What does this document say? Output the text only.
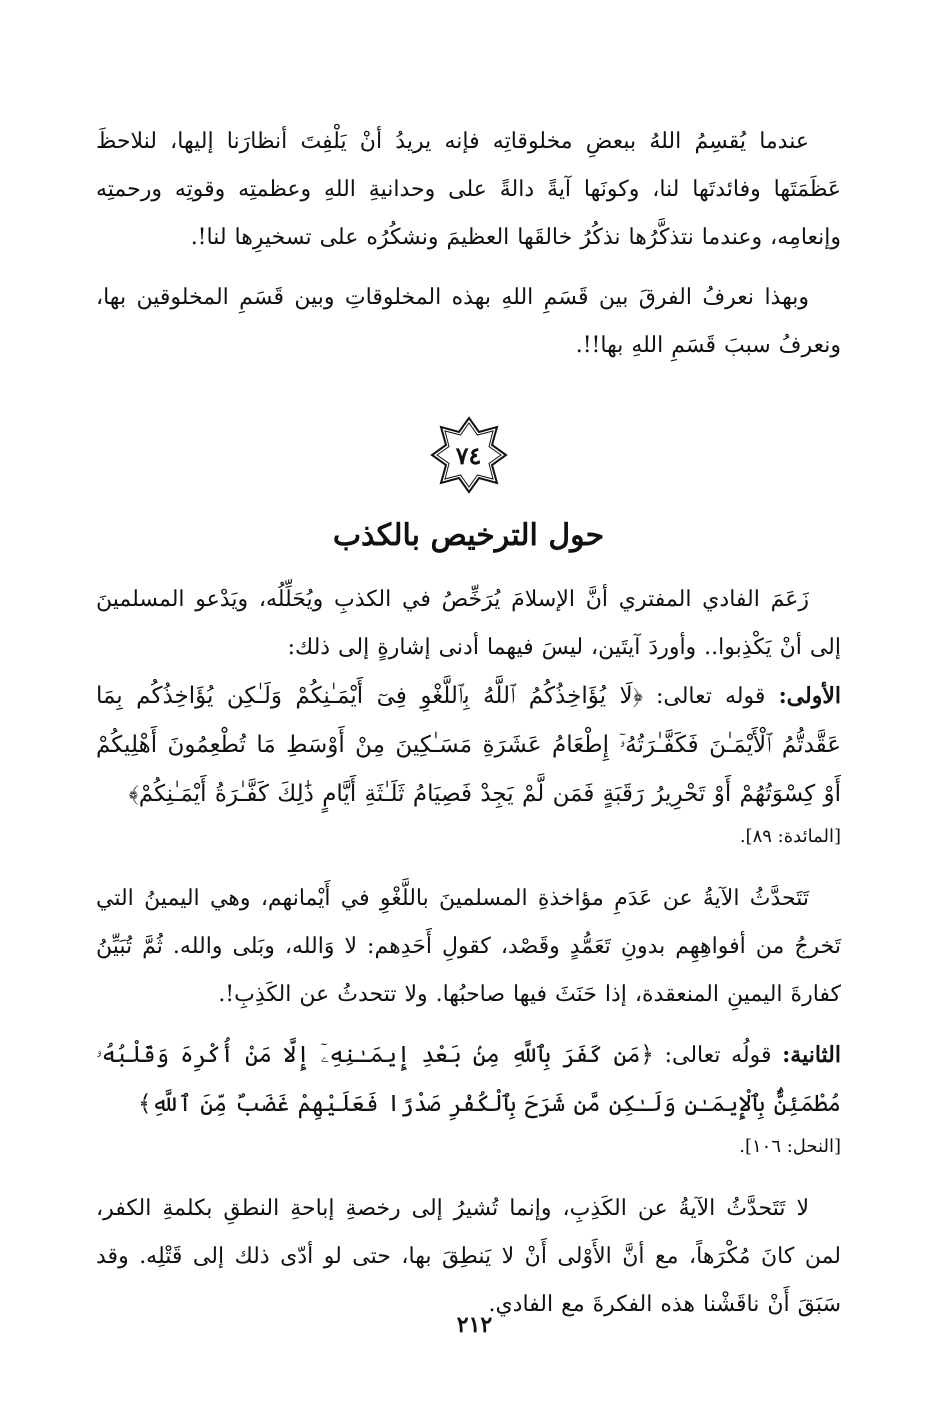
عندما يُقسِمُ اللهُ ببعضِ مخلوقاتِه فإنه يريدُ أنْ يَلْفِتَ أنظارَنا إليها، لنلاحظَ عَظَمَتَها وفائدتَها لنا، وكونَها آيةً دالةً على وحدانيةِ اللهِ وعظمتِه وقوتِه ورحمتِه وإنعامِه، وعندما نتذكَّرُها نذكُرُ خالقَها العظيمَ ونشكُرُه على تسخيرِها لنا!.

وبهذا نعرفُ الفرقَ بين قَسَمِ اللهِ بهذه المخلوقاتِ وبين قَسَمِ المخلوقين بها، ونعرفُ سببَ قَسَمِ اللهِ بها!!.

٧٤
حول الترخيص بالكذب

زَعَمَ الفادي المفتري أنَّ الإسلامَ يُرَخِّصُ في الكذبِ ويُحَلِّلُه، ويَدْعو المسلمينَ إلى أنْ يَكْذِبوا.. وأوردَ آيتَين، ليسَ فيهما أدنى إشارةٍ إلى ذلك:

الأولى: قوله تعالى: ﴿لَا يُؤَاخِذُكُمُ ٱللَّهُ بِٱللَّغْوِ فِىٓ أَيْمَـٰنِكُمْ وَلَـٰكِن يُؤَاخِذُكُم بِمَا عَقَّدتُّمُ ٱلْأَيْمَـٰنَ فَكَفَّـٰرَتُهُۥٓ إِطْعَامُ عَشَرَةِ مَسَـٰكِينَ مِنْ أَوْسَطِ مَا تُطْعِمُونَ أَهْلِيكُمْ أَوْ كِسْوَتُهُمْ أَوْ تَحْرِيرُ رَقَبَةٍ فَمَن لَّمْ يَجِدْ فَصِيَامُ ثَلَـٰثَةِ أَيَّامٍ ذَٰلِكَ كَفَّـٰرَةُ أَيْمَـٰنِكُمْ﴾

[المائدة: ٨٩].

تَتَحدَّثُ الآيةُ عن عَدَمِ مؤاخذةِ المسلمينَ باللَّغْوِ في أَيْمانهم، وهي اليمينُ التي تَخرجُ من أفواهِهِم بدونِ تَعَمُّدٍ وقَصْد، كقولِ أَحَدِهم: لا وَالله، وبَلى والله. ثُمَّ تُبَيِّنُ كفارةَ اليمينِ المنعقدة، إذا حَنَثَ فيها صاحبُها. ولا تتحدثُ عن الكَذِبِ!.

الثانية: قولُه تعالى: ﴿مَن كَفَرَ بِٱللَّهِ مِنۢ بَعْدِ إِيمَـٰنِهِۦٓ إِلَّا مَنْ أُكْرِهَ وَقَلْبُهُۥ مُطْمَئِنٌّۢ بِٱلْإِيمَـٰنِ وَلَـٰكِن مَّن شَرَحَ بِٱلْكُفْرِ صَدْرًا فَعَلَيْهِمْ غَضَبٌ مِّنَ ٱللَّهِ﴾

[النحل: ١٠٦].

لا تَتَحدَّثُ الآيةُ عن الكَذِبِ، وإنما تُشيرُ إلى رخصةِ إباحةِ النطقِ بكلمةِ الكفر، لمن كانَ مُكْرَهاً، مع أنَّ الأَوْلى أَنْ لا يَنطِقَ بها، حتى لو أدّى ذلك إلى قَتْلِه. وقد سَبَقَ أَنْ ناقَشْنا هذه الفكرةَ مع الفادي.

٢١٢
